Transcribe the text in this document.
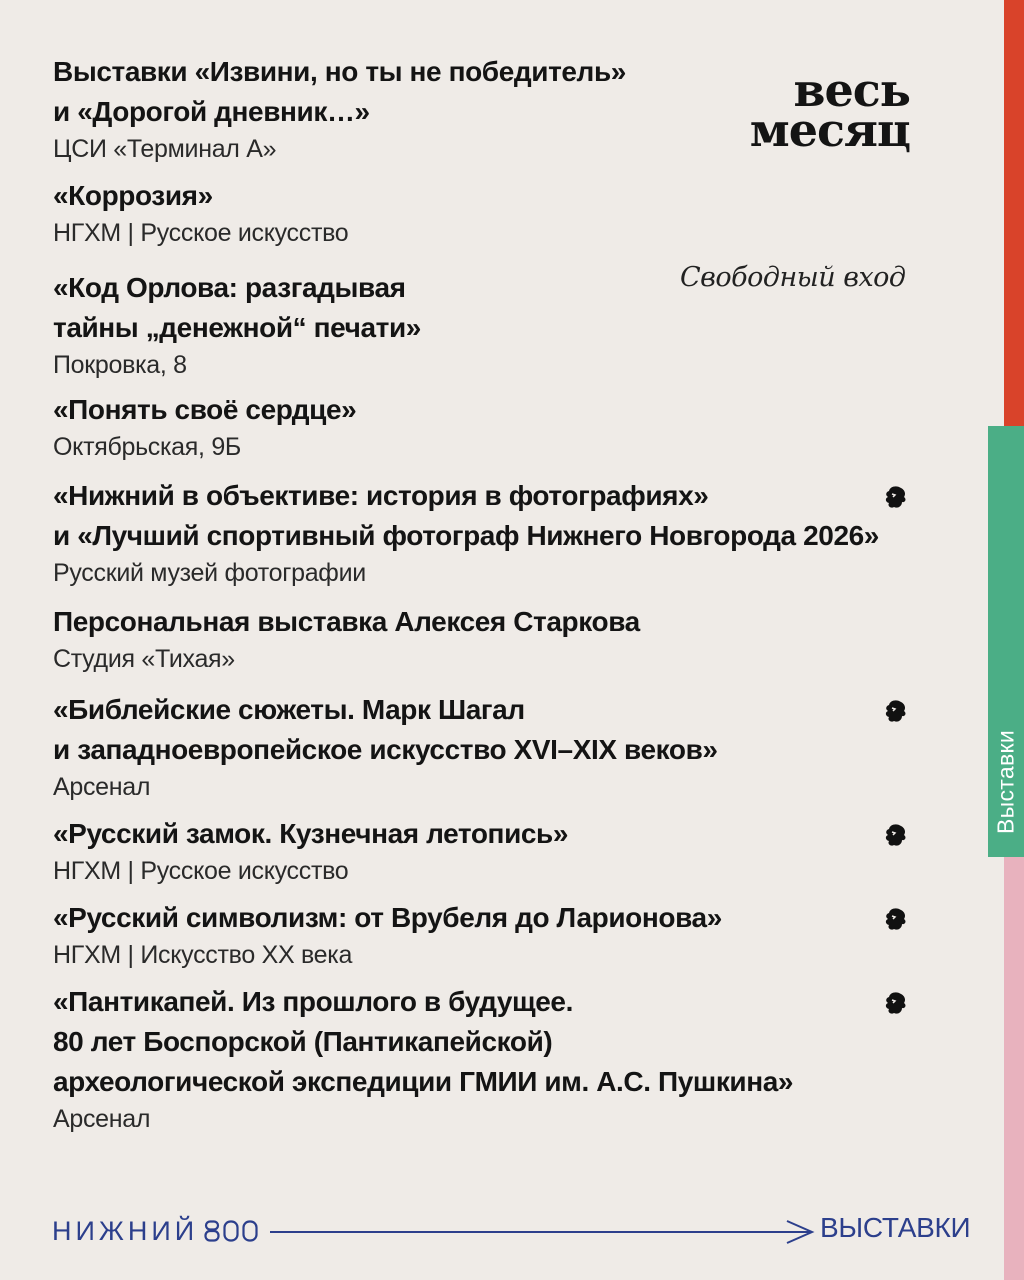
Выставки
весь
месяц
Свободный вход
Выставки «Извини, но ты не победитель»
и «Дорогой дневник…»
ЦСИ «Терминал А»
«Коррозия»
НГХМ | Русское искусство
«Код Орлова: разгадывая
тайны „денежной“ печати»
Покровка, 8
«Понять своё сердце»
Октябрьская, 9Б
«Нижний в объективе: история в фотографиях»
и «Лучший спортивный фотограф Нижнего Новгорода 2026»
Русский музей фотографии
Персональная выставка Алексея Старкова
Студия «Тихая»
«Библейские сюжеты. Марк Шагал
и западноевропейское искусство XVI–XIX веков»
Арсенал
«Русский замок. Кузнечная летопись»
НГХМ | Русское искусство
«Русский символизм: от Врубеля до Ларионова»
НГХМ | Искусство ХХ века
«Пантикапей. Из прошлого в будущее.
80 лет Боспорской (Пантикапейской)
археологической экспедиции ГМИИ им. А.С. Пушкина»
Арсенал
НИЖНИЙ	ВЫСТАВКИ
